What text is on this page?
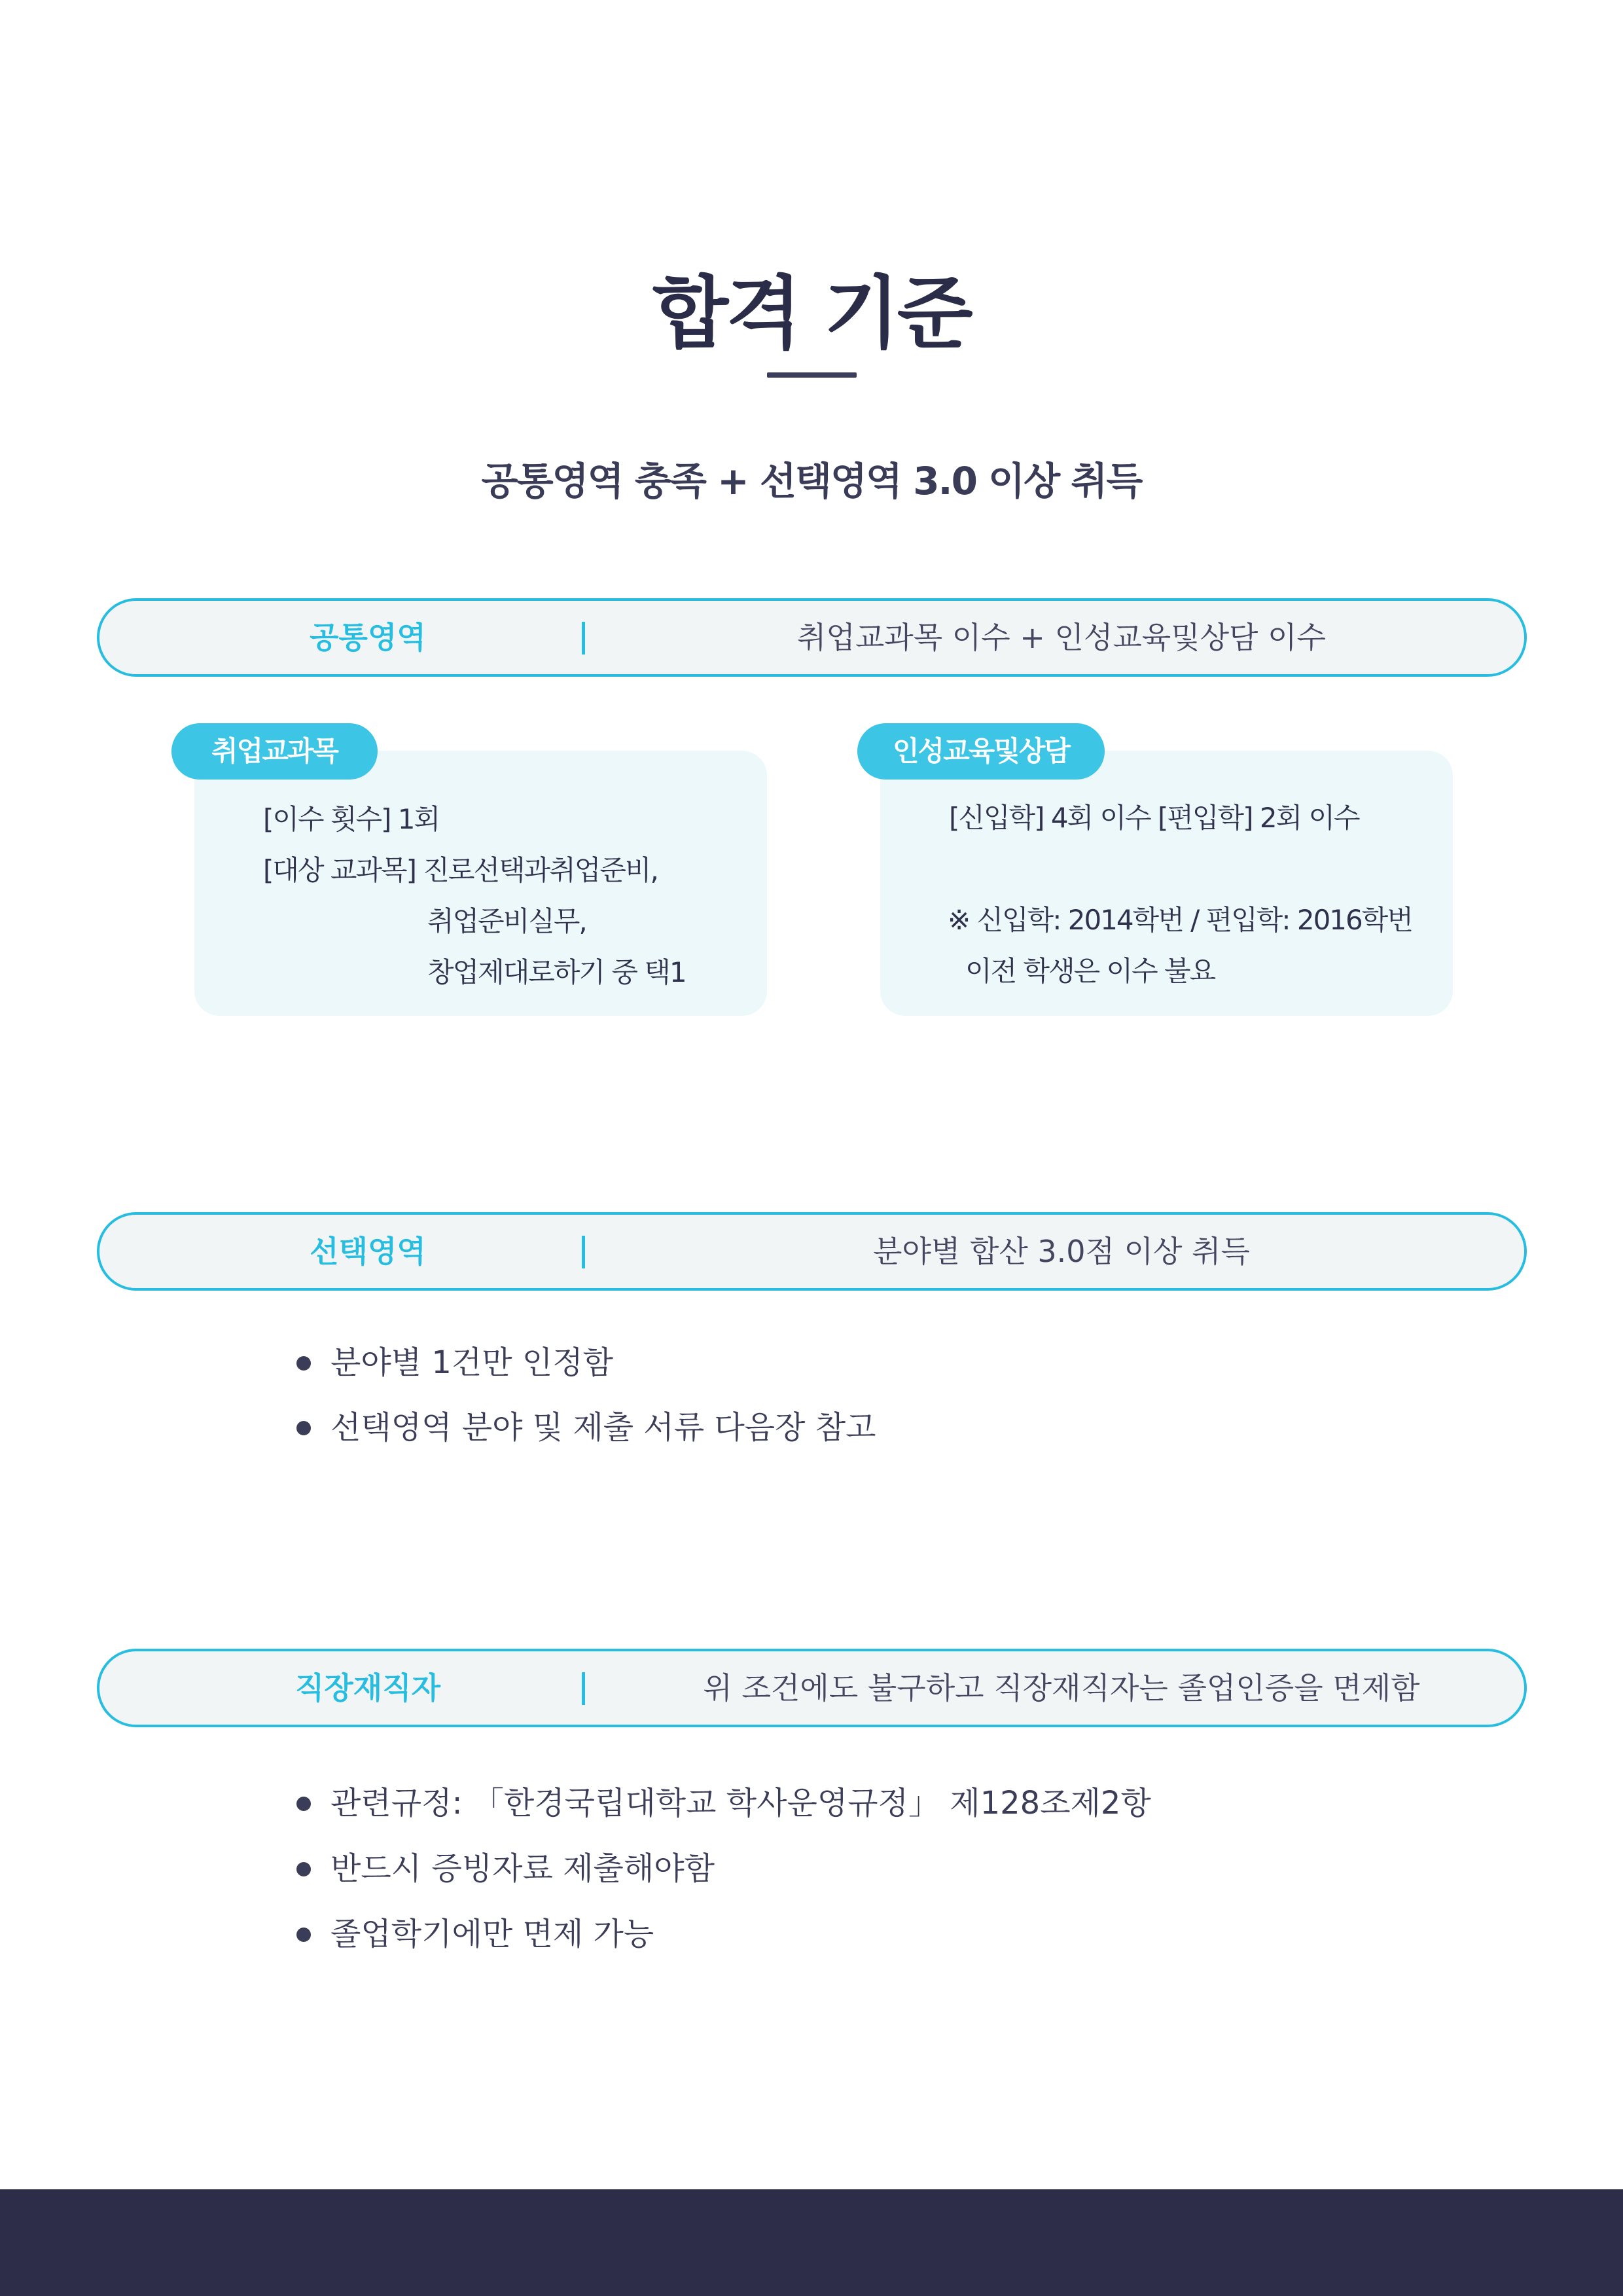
합격 기준
공통영역 충족 + 선택영역 3.0 이상 취득
공통영역	취업교과목 이수 + 인성교육및상담 이수
취업교과목
[이수 횟수] 1회
[대상 교과목] 진로선택과취업준비,
취업준비실무,
창업제대로하기 중 택1
인성교육및상담
[신입학] 4회 이수 [편입학] 2회 이수
※ 신입학: 2014학번 / 편입학: 2016학번
이전 학생은 이수 불요
선택영역	분야별 합산 3.0점 이상 취득
분야별 1건만 인정함
선택영역 분야 및 제출 서류 다음장 참고
직장재직자	위 조건에도 불구하고 직장재직자는 졸업인증을 면제함
관련규정: 「한경국립대학교 학사운영규정」 제128조제2항
반드시 증빙자료 제출해야함
졸업학기에만 면제 가능
